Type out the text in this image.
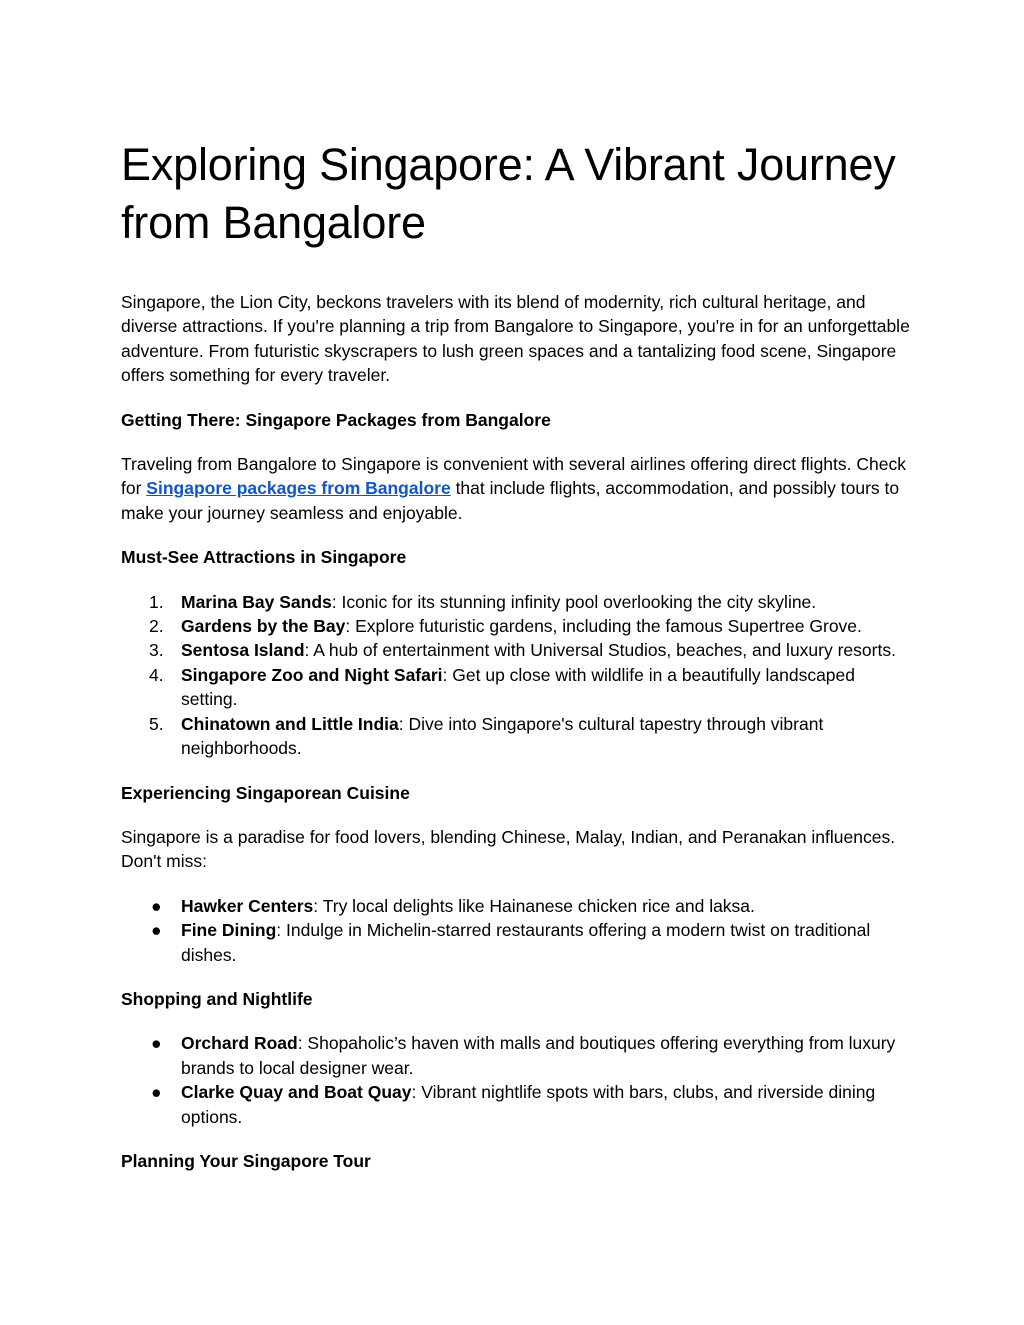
Exploring Singapore: A Vibrant Journey from Bangalore

Singapore, the Lion City, beckons travelers with its blend of modernity, rich cultural heritage, and diverse attractions. If you're planning a trip from Bangalore to Singapore, you're in for an unforgettable adventure. From futuristic skyscrapers to lush green spaces and a tantalizing food scene, Singapore offers something for every traveler.

Getting There: Singapore Packages from Bangalore

Traveling from Bangalore to Singapore is convenient with several airlines offering direct flights. Check for Singapore packages from Bangalore that include flights, accommodation, and possibly tours to make your journey seamless and enjoyable.

Must-See Attractions in Singapore
1. Marina Bay Sands: Iconic for its stunning infinity pool overlooking the city skyline.
2. Gardens by the Bay: Explore futuristic gardens, including the famous Supertree Grove.
3. Sentosa Island: A hub of entertainment with Universal Studios, beaches, and luxury resorts.
4. Singapore Zoo and Night Safari: Get up close with wildlife in a beautifully landscaped setting.
5. Chinatown and Little India: Dive into Singapore's cultural tapestry through vibrant neighborhoods.
Experiencing Singaporean Cuisine

Singapore is a paradise for food lovers, blending Chinese, Malay, Indian, and Peranakan influences. Don't miss:

● Hawker Centers: Try local delights like Hainanese chicken rice and laksa.
● Fine Dining: Indulge in Michelin-starred restaurants offering a modern twist on traditional dishes.
Shopping and Nightlife
● Orchard Road: Shopaholic’s haven with malls and boutiques offering everything from luxury brands to local designer wear.
● Clarke Quay and Boat Quay: Vibrant nightlife spots with bars, clubs, and riverside dining options.
Planning Your Singapore Tour
